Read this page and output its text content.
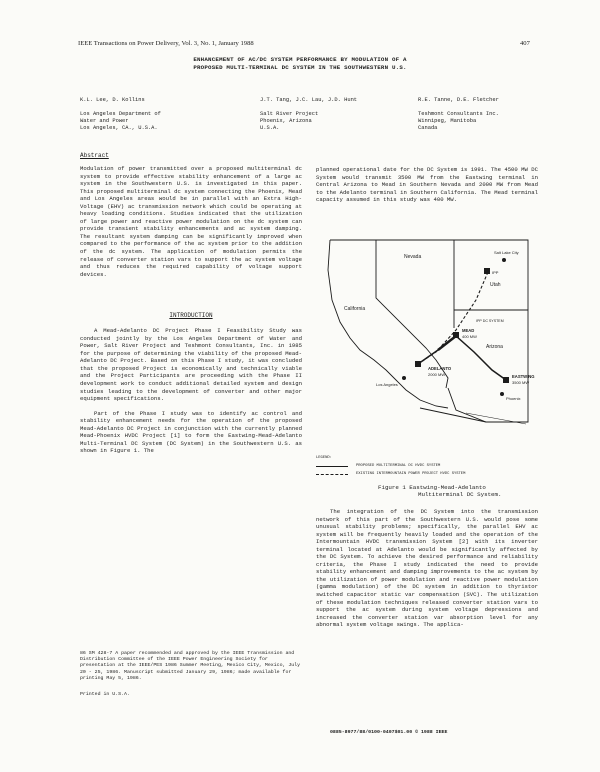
IEEE Transactions on Power Delivery, Vol. 3, No. 1, January 1988	407
ENHANCEMENT OF AC/DC SYSTEM PERFORMANCE BY MODULATION OF A
PROPOSED MULTI-TERMINAL DC SYSTEM IN THE SOUTHWESTERN U.S.
K.L. Lee, D. Kollins
Los Angeles Department of
Water and Power
Los Angeles, CA., U.S.A.
J.T. Tang, J.C. Lau, J.D. Hunt
Salt River Project
Phoenix, Arizona
U.S.A.
R.E. Tanne, D.E. Fletcher
Teshmont Consultants Inc.
Winnipeg, Manitoba
Canada
Abstract
Modulation of power transmitted over a proposed multiterminal dc system to provide effective stability enhancement of a large ac system in the Southwestern U.S. is investigated in this paper. This proposed multiterminal dc system connecting the Phoenix, Mead and Los Angeles areas would be in parallel with an Extra High-Voltage (EHV) ac transmission network which could be operating at heavy loading conditions. Studies indicated that the utilization of large power and reactive power modulation on the dc system can provide transient stability enhancements and ac system damping. The resultant system damping can be significantly improved when compared to the performance of the ac system prior to the addition of the dc system. The application of modulation permits the release of converter station vars to support the ac system voltage and thus reduces the required capability of voltage support devices.
INTRODUCTION

A Mead-Adelanto DC Project Phase I Feasibility Study was conducted jointly by the Los Angeles Department of Water and Power, Salt River Project and Teshmont Consultants, Inc. in 1985 for the purpose of determining the viability of the proposed Mead-Adelanto DC Project. Based on this Phase I study, it was concluded that the proposed Project is economically and technically viable and the Project Participants are proceeding with the Phase II development work to conduct additional detailed system and design studies leading to the development of converter and other major equipment specifications.

Part of the Phase I study was to identify ac control and stability enhancement needs for the operation of the proposed Mead-Adelanto DC Project in conjunction with the currently planned Mead-Phoenix HVDC Project [1] to form the Eastwing-Mead-Adelanto Multi-Terminal DC System (DC System) in the Southwestern U.S. as shown in Figure 1. The

86 SM 428-7 A paper recommended and approved by the IEEE Transmission and Distribution Committee of the IEEE Power Engineering Society for presentation at the IEEE/PES 1986 Summer Meeting, Mexico City, Mexico, July 20 - 25, 1986. Manuscript submitted January 29, 1986; made available for printing May 5, 1986.
Printed in U.S.A.
planned operational date for the DC System is 1991. The 4500 MW DC System would transmit 3500 MW from the Eastwing terminal in Central Arizona to Mead in Southern Nevada and 2000 MW from Mead to the Adelanto terminal in Southern California. The Mead terminal capacity assumed in this study was 400 MW.
Nevada
Utah
California
Arizona
Salt Lake City
IPP
MEAD
400 MW
ADELANTO
2000 MW	EASTWING
3500 MW
Los Angeles
Phoenix
IPP DC SYSTEM
LEGEND:
PROPOSED MULTITERMINAL DC HVDC SYSTEM
EXISTING INTERMOUNTAIN POWER PROJECT HVDC SYSTEM
Figure 1 Eastwing-Mead-Adelanto
Multiterminal DC System.

The integration of the DC System into the transmission network of this part of the Southwestern U.S. would pose some unusual stability problems; specifically, the parallel EHV ac system will be frequently heavily loaded and the operation of the Intermountain HVDC transmission System [2] with its inverter terminal located at Adelanto would be significantly affected by the DC System. To achieve the desired performance and reliability criteria, the Phase I study indicated the need to provide stability enhancement and damping improvements to the ac system by the utilization of power modulation and reactive power modulation (gamma modulation) of the DC system in addition to thyristor switched capacitor static var compensation (SVC). The utilization of these modulation techniques released converter station vars to support the ac system during system voltage depressions and increased the converter station var absorption level for any abnormal system voltage swings. The applica-

0885-8977/88/0100-0407$01.00 © 1988 IEEE
